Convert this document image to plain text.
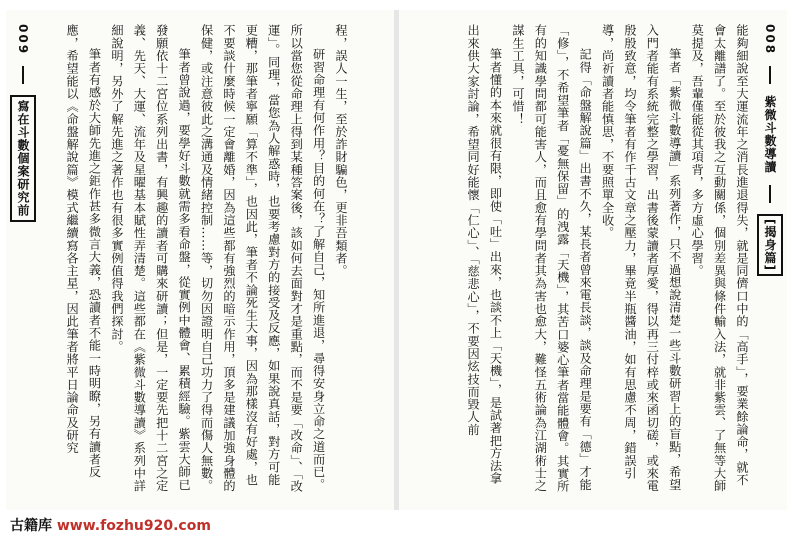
009  寫在斗數個案研究前	程，誤人一生，至於詐財騙色，更非吾類者。

研習命理有何作用？目的何在？了解自己，知所進退，尋得安身立命之道而已。所以當您從命理上得到某種答案後，該如何去面對才是重點，而不是要「改命」、「改運」。同理，當您為人解惑時，也要考慮對方的接受及反應，如果說真話，對方可能更糟，那筆者寧願「算不準」，也因此，筆者不論死生大事，因為那樣沒有好處，也不要談什麼時候一定會離婚，因為這些都有強烈的暗示作用，頂多是建議加強身體的保健，或注意彼此之溝通及情緒控制……等，切勿因證明自己功力了得而傷人無數。

筆者曾說過，要學好斗數就需多看命盤，從實例中體會、累積經驗。紫雲大師已發願依十二宮位系列出書，有興趣的讀者可購來研讀；但是，一定要先把十二宮之定義、先天、大運、流年及星曜基本賦性弄清楚。這些都在《紫微斗數導讀》系列中詳細說明，另外了解先進之著作也有很多實例值得我們探討。

筆者有感於大師先進之鉅作甚多微言大義，恐讀者不能一時明瞭，另有讀者反應，希望能以《命盤解說篇》模式繼續寫各主星，因此筆者將平日論命及研究	008  紫微斗數導讀  [揭身篇]

能夠細說至大運流年之消長進退得失，就是同儕口中的「高手」，要業餘論命，就不會太離譜了。至於彼我之互動關係，個別差異與條件輸入法，就非紫雲、了無等大師莫提及，吾輩僅能從其項背，多方虛心學習。

筆者「紫微斗數導讀」系列著作，只不過想說清楚一些斗數研習上的盲點，希望入門者能有系統完整之學習，出書後蒙讀者厚愛，得以再三付梓或來函切磋，或來電殷殷致意，均令筆者有作千古文章之壓力，畢竟半瓶醬油，如有思慮不周，錯誤引導，尚祈讀者能慎思，不要照單全收。

記得「命盤解說篇」出書不久，某長者曾來電長談，談及命理是要有「德」才能「修」，不希望筆者「憂無保留」的洩露「天機」，其苦口婆心筆者當能體會。其實所有的知識學問都可能害人，而且愈有學問者其為害也愈大，難怪五術論為江湖術士之謀生工具，可惜！

筆者懂的本來就很有限，即使「吐」出來，也談不上「天機」，是試著把方法拿出來供大家討論，希望同好能懷「仁心」、「慈悲心」，不要因炫技而毀人前

古籍库 www.fozhu920.com
